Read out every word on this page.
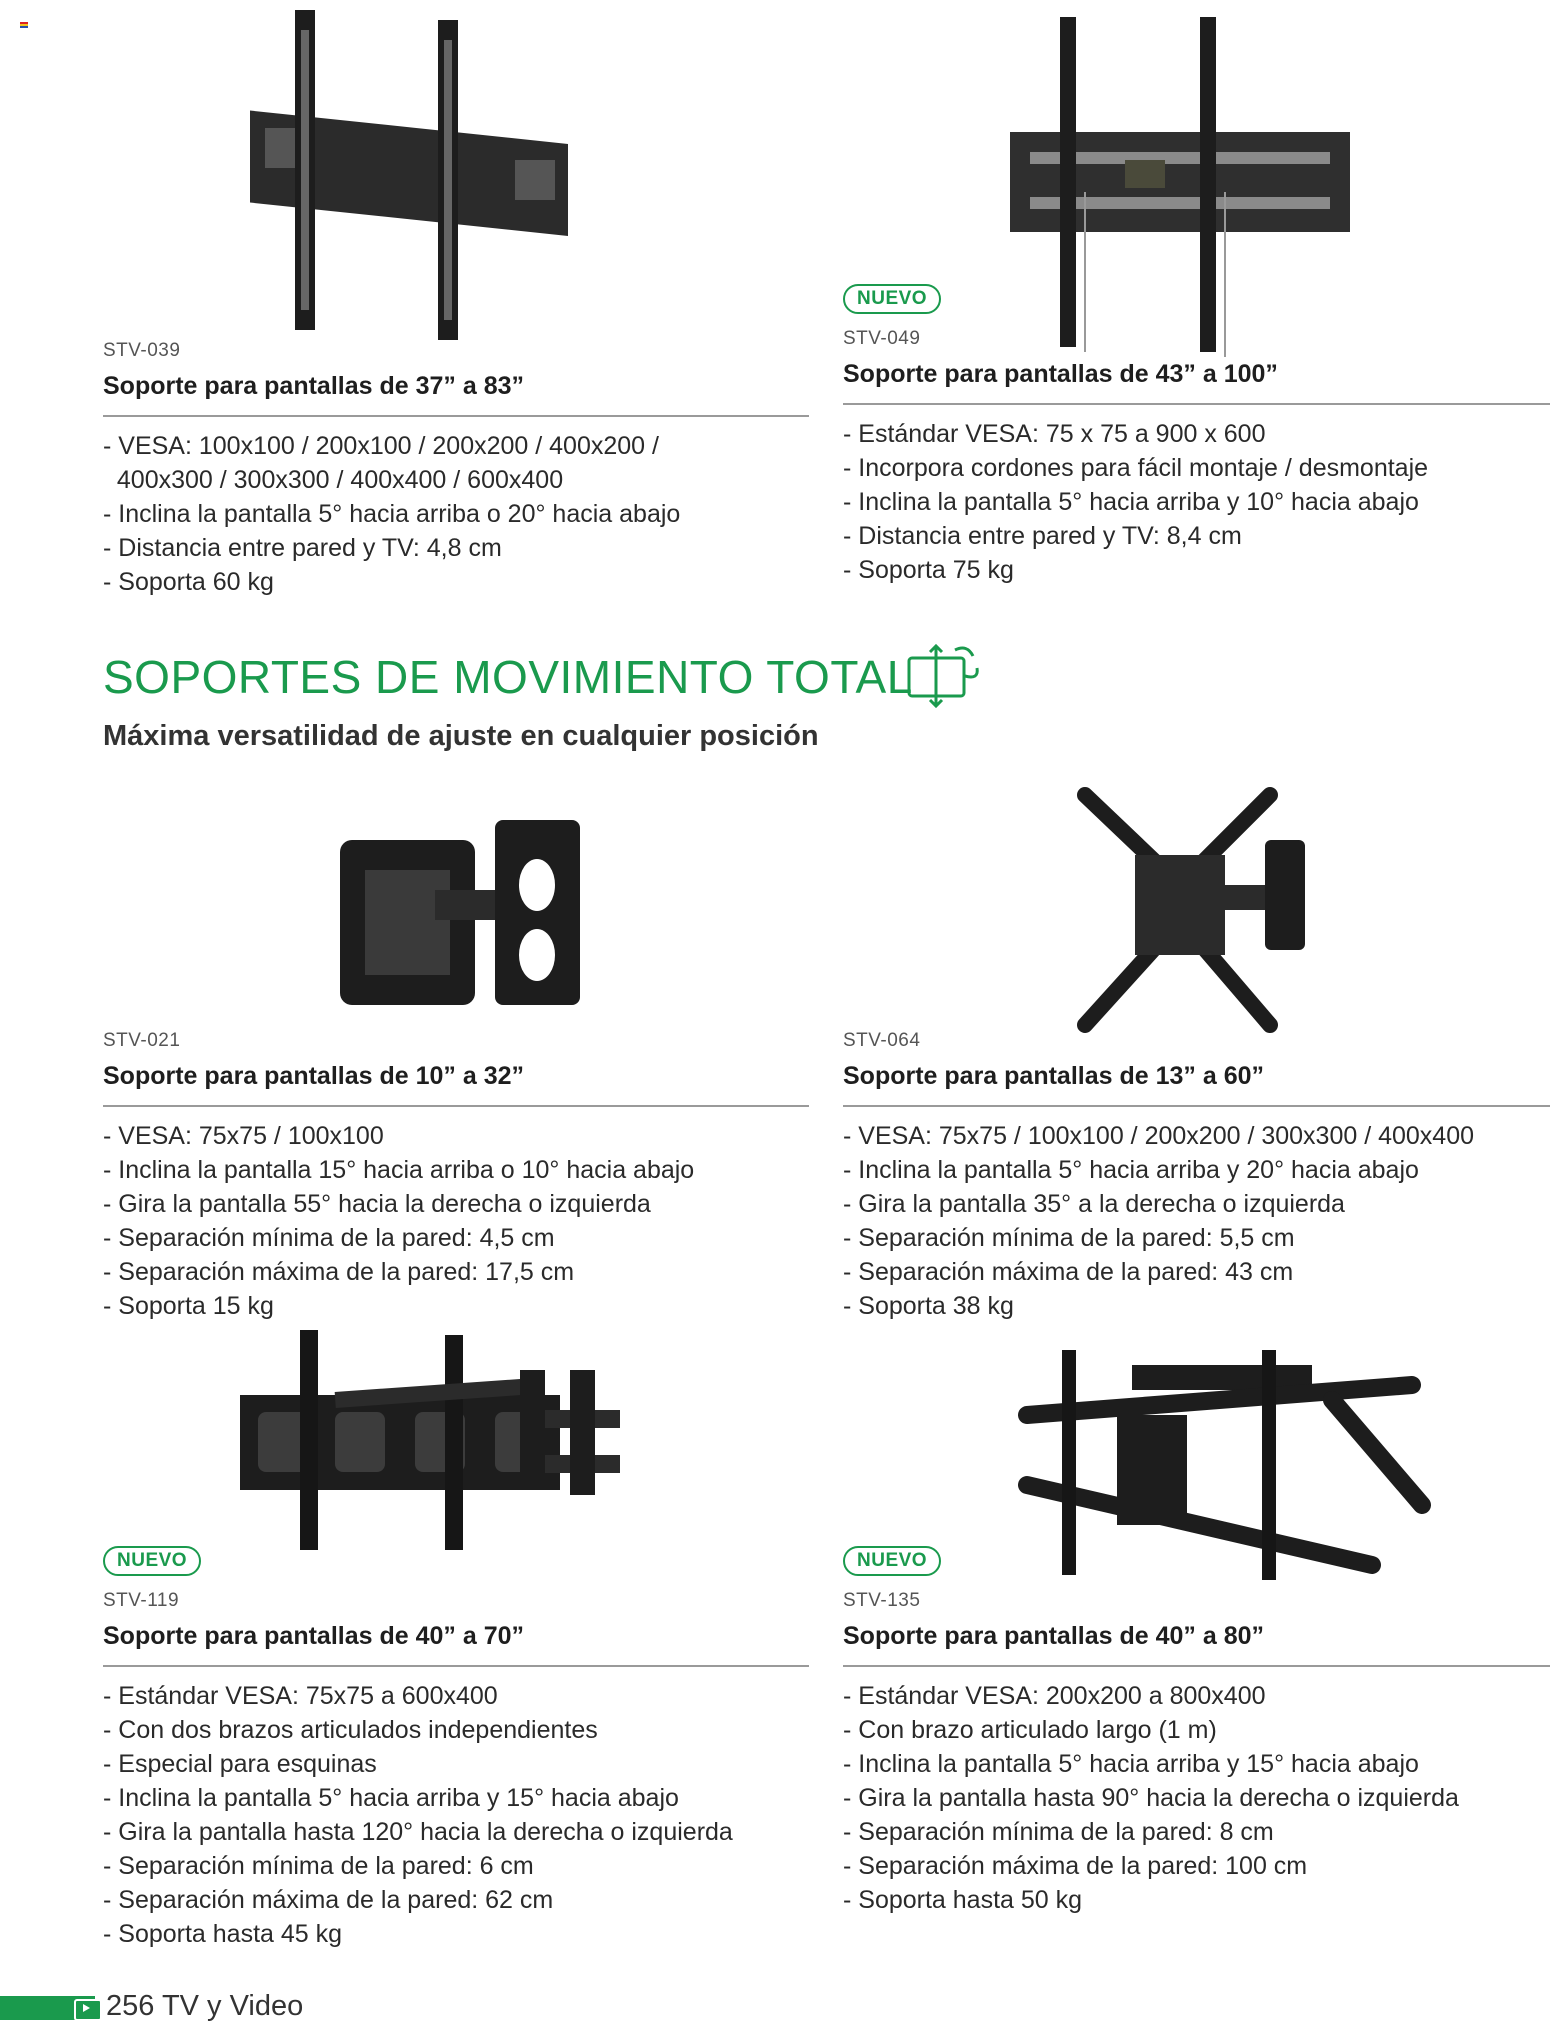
STV-039
Soporte para pantallas de 37” a 83”
- VESA: 100x100 / 200x100 / 200x200 / 400x200 /
400x300 / 300x300 / 400x400 / 600x400
- Inclina la pantalla 5° hacia arriba o 20° hacia abajo
- Distancia entre pared y TV: 4,8 cm
- Soporta 60 kg
NUEVO
STV-049
Soporte para pantallas de 43” a 100”
- Estándar VESA: 75 x 75 a 900 x 600
- Incorpora cordones para fácil montaje / desmontaje
- Inclina la pantalla 5° hacia arriba y 10° hacia abajo
- Distancia entre pared y TV: 8,4 cm
- Soporta 75 kg
SOPORTES DE MOVIMIENTO TOTAL
Máxima versatilidad de ajuste en cualquier posición
STV-021
Soporte para pantallas de 10” a 32”
- VESA: 75x75 / 100x100
- Inclina la pantalla 15° hacia arriba o 10° hacia abajo
- Gira la pantalla 55° hacia la derecha o izquierda
- Separación mínima de la pared: 4,5 cm
- Separación máxima de la pared: 17,5 cm
- Soporta 15 kg
STV-064
Soporte para pantallas de 13” a 60”
- VESA: 75x75 / 100x100 / 200x200 / 300x300 / 400x400
- Inclina la pantalla 5° hacia arriba y 20° hacia abajo
- Gira la pantalla 35° a la derecha o izquierda
- Separación mínima de la pared: 5,5 cm
- Separación máxima de la pared: 43 cm
- Soporta 38 kg
NUEVO
STV-119
Soporte para pantallas de 40” a 70”
- Estándar VESA: 75x75 a 600x400
- Con dos brazos articulados independientes
- Especial para esquinas
- Inclina la pantalla 5° hacia arriba y 15° hacia abajo
- Gira la pantalla hasta 120° hacia la derecha o izquierda
- Separación mínima de la pared: 6 cm
- Separación máxima de la pared: 62 cm
- Soporta hasta 45 kg
NUEVO
STV-135
Soporte para pantallas de 40” a 80”
- Estándar VESA: 200x200 a 800x400
- Con brazo articulado largo (1 m)
- Inclina la pantalla 5° hacia arriba y 15° hacia abajo
- Gira la pantalla hasta 90° hacia la derecha o izquierda
- Separación mínima de la pared: 8 cm
- Separación máxima de la pared: 100 cm
- Soporta hasta 50 kg
256 TV y Video
